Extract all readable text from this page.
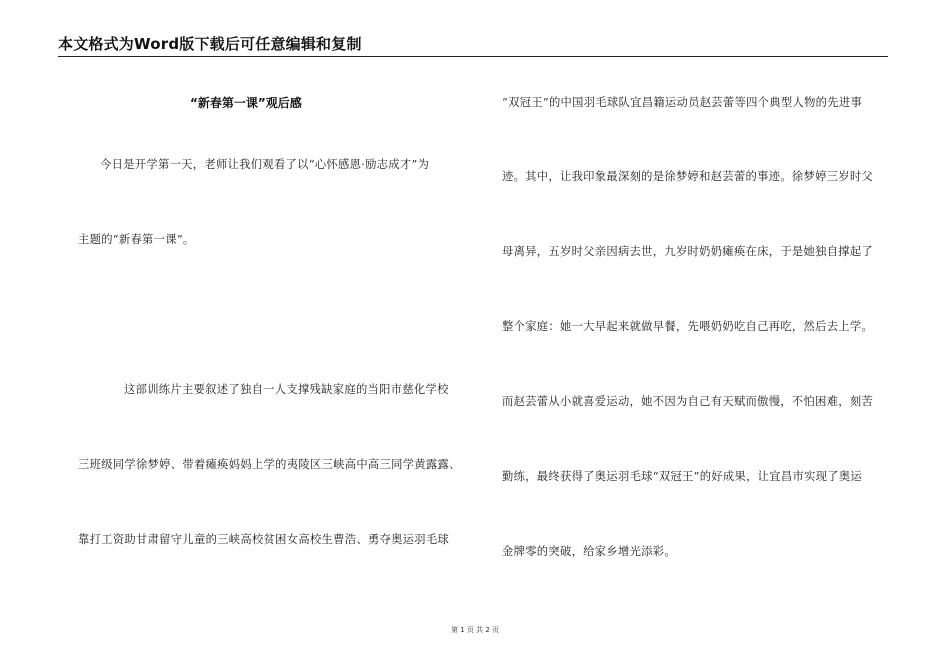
本文格式为Word版下载后可任意编辑和复制
“新春第一课”观后感
今日是开学第一天，老师让我们观看了以“心怀感恩·励志成才”为
主题的“新春第一课”。
这部训练片主要叙述了独自一人支撑残缺家庭的当阳市慈化学校
三班级同学徐梦婷、带着瘫痪妈妈上学的夷陵区三峡高中高三同学黄露露、
靠打工资助甘肃留守儿童的三峡高校贫困女高校生曹浩、勇夺奥运羽毛球
“双冠王”的中国羽毛球队宜昌籍运动员赵芸蕾等四个典型人物的先进事
迹。其中，让我印象最深刻的是徐梦婷和赵芸蕾的事迹。徐梦婷三岁时父
母离异，五岁时父亲因病去世，九岁时奶奶瘫痪在床，于是她独自撑起了
整个家庭：她一大早起来就做早餐，先喂奶奶吃自己再吃，然后去上学。
而赵芸蕾从小就喜爱运动，她不因为自己有天赋而傲慢，不怕困难，刻苦
勤练，最终获得了奥运羽毛球“双冠王”的好成果，让宜昌市实现了奥运
金牌零的突破，给家乡增光添彩。
第 1 页 共 2 页
